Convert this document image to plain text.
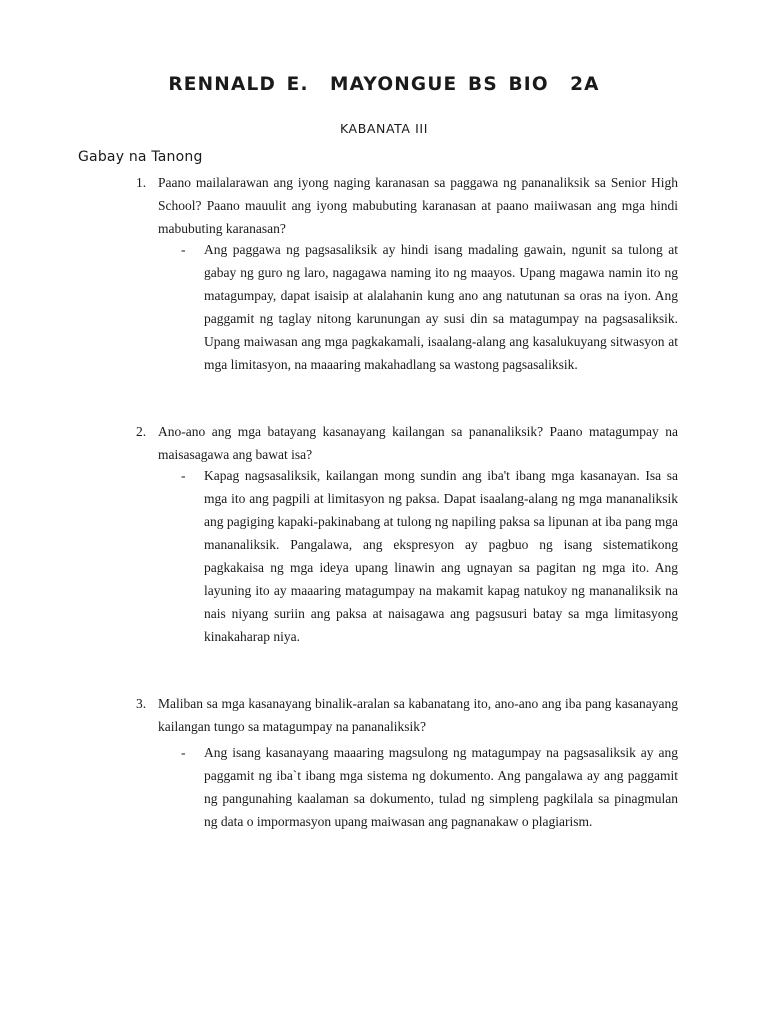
RENNALD E.  MAYONGUE BS BIO  2A
KABANATA III
Gabay na Tanong
1. Paano mailalarawan ang iyong naging karanasan sa paggawa ng pananaliksik sa Senior High School? Paano mauulit ang iyong mabubuting karanasan at paano maiiwasan ang mga hindi mabubuting karanasan?
- Ang paggawa ng pagsasaliksik ay hindi isang madaling gawain, ngunit sa tulong at gabay ng guro ng laro, nagagawa naming ito ng maayos. Upang magawa namin ito ng matagumpay, dapat isaisip at alalahanin kung ano ang natutunan sa oras na iyon. Ang paggamit ng taglay nitong karunungan ay susi din sa matagumpay na pagsasaliksik. Upang maiwasan ang mga pagkakamali, isaalang-alang ang kasalukuyang sitwasyon at mga limitasyon, na maaaring makahadlang sa wastong pagsasaliksik.
2. Ano-ano ang mga batayang kasanayang kailangan sa pananaliksik? Paano matagumpay na maisasagawa ang bawat isa?
- Kapag nagsasaliksik, kailangan mong sundin ang iba't ibang mga kasanayan. Isa sa mga ito ang pagpili at limitasyon ng paksa. Dapat isaalang-alang ng mga mananaliksik ang pagiging kapaki-pakinabang at tulong ng napiling paksa sa lipunan at iba pang mga mananaliksik. Pangalawa, ang ekspresyon ay pagbuo ng isang sistematikong pagkakaisa ng mga ideya upang linawin ang ugnayan sa pagitan ng mga ito. Ang layuning ito ay maaaring matagumpay na makamit kapag natukoy ng mananaliksik na nais niyang suriin ang paksa at naisagawa ang pagsusuri batay sa mga limitasyong kinakaharap niya.
3. Maliban sa mga kasanayang binalik-aralan sa kabanatang ito, ano-ano ang iba pang kasanayang kailangan tungo sa matagumpay na pananaliksik?
- Ang isang kasanayang maaaring magsulong ng matagumpay na pagsasaliksik ay ang paggamit ng iba`t ibang mga sistema ng dokumento. Ang pangalawa ay ang paggamit ng pangunahing kaalaman sa dokumento, tulad ng simpleng pagkilala sa pinagmulan ng data o impormasyon upang maiwasan ang pagnanakaw o plagiarism.
